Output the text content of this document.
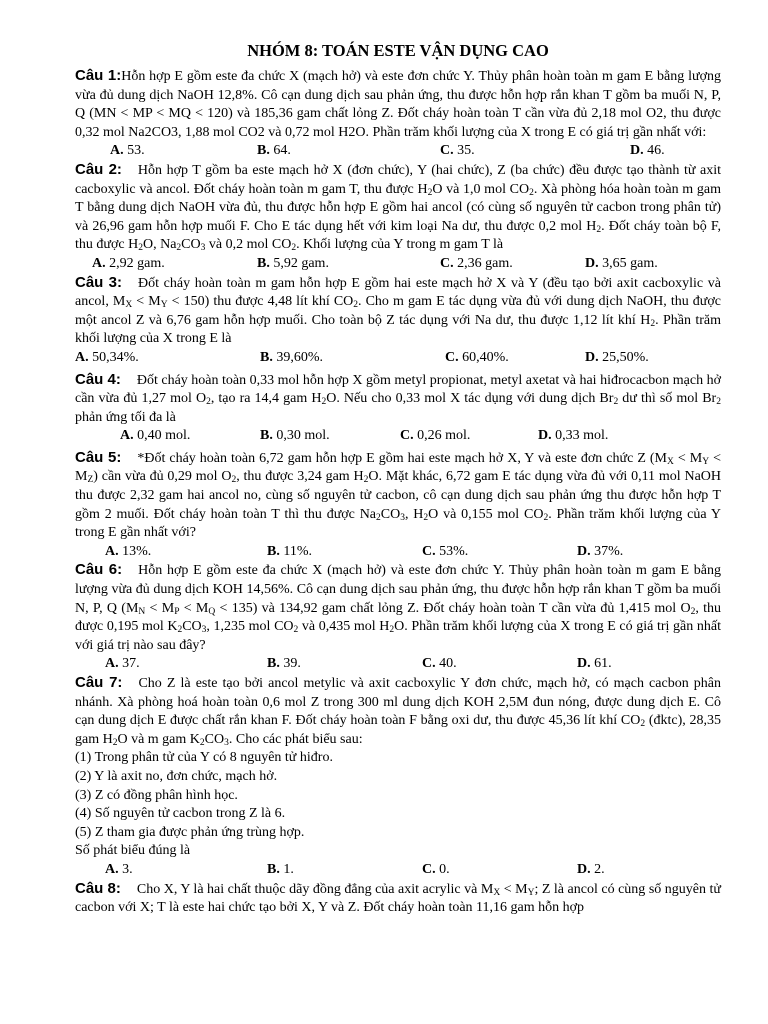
NHÓM 8: TOÁN ESTE VẬN DỤNG CAO

Câu 1:Hỗn hợp E gồm este đa chức X (mạch hở) và este đơn chức Y. Thủy phân hoàn toàn m gam E bằng lượng vừa đủ dung dịch NaOH 12,8%. Cô cạn dung dịch sau phản ứng, thu được hỗn hợp rắn khan T gồm ba muối N, P, Q (MN < MP < MQ < 120) và 185,36 gam chất lỏng Z. Đốt cháy hoàn toàn T cần vừa đủ 2,18 mol O2, thu được 0,32 mol Na2CO3, 1,88 mol CO2 và 0,72 mol H2O. Phần trăm khối lượng của X trong E có giá trị gần nhất với:

A. 53.	B. 64.	C. 35.	D. 46.

Câu 2: Hỗn hợp T gồm ba este mạch hở X (đơn chức), Y (hai chức), Z (ba chức) đều được tạo thành từ axit cacboxylic và ancol. Đốt cháy hoàn toàn m gam T, thu được $H_2O$ và 1,0 mol $CO_2$. Xà phòng hóa hoàn toàn m gam T bằng dung dịch NaOH vừa đủ, thu được hỗn hợp E gồm hai ancol (có cùng số nguyên tử cacbon trong phân tử) và 26,96 gam hỗn hợp muối F. Cho E tác dụng hết với kim loại Na dư, thu được 0,2 mol $H_2$. Đốt cháy toàn bộ F, thu được $H_2O$, $Na_2CO_3$ và 0,2 mol $CO_2$. Khối lượng của Y trong m gam T là

A. 2,92 gam.	B. 5,92 gam.	C. 2,36 gam.	D. 3,65 gam.

Câu 3: Đốt cháy hoàn toàn m gam hỗn hợp E gồm hai este mạch hở X và Y (đều tạo bởi axit cacboxylic và ancol, $M_X < M_Y < 150$) thu được 4,48 lít khí $CO_2$. Cho m gam E tác dụng vừa đủ với dung dịch NaOH, thu được một ancol Z và 6,76 gam hỗn hợp muối. Cho toàn bộ Z tác dụng với Na dư, thu được 1,12 lít khí $H_2$. Phần trăm khối lượng của X trong E là

A. 50,34%.	B. 39,60%.	C. 60,40%.	D. 25,50%.

Câu 4: Đốt cháy hoàn toàn 0,33 mol hỗn hợp X gồm metyl propionat, metyl axetat và hai hiđrocacbon mạch hở cần vừa đủ 1,27 mol $O_2$, tạo ra 14,4 gam $H_2O$. Nếu cho 0,33 mol X tác dụng với dung dịch $Br_2$ dư thì số mol $Br_2$ phản ứng tối đa là

A. 0,40 mol.	B. 0,30 mol.	C. 0,26 mol.	D. 0,33 mol.

Câu 5: *Đốt cháy hoàn toàn 6,72 gam hỗn hợp E gồm hai este mạch hở X, Y và este đơn chức Z $(M_X < M_Y < M_Z)$ cần vừa đủ 0,29 mol $O_2$, thu được 3,24 gam $H_2O$. Mặt khác, 6,72 gam E tác dụng vừa đủ với 0,11 mol NaOH thu được 2,32 gam hai ancol no, cùng số nguyên tử cacbon, cô cạn dung dịch sau phản ứng thu được hỗn hợp T gồm 2 muối. Đốt cháy hoàn toàn T thì thu được $Na_2CO_3$, $H_2O$ và 0,155 mol $CO_2$. Phần trăm khối lượng của Y trong E gần nhất với?

A. 13%.	B. 11%.	C. 53%.	D. 37%.

Câu 6: Hỗn hợp E gồm este đa chức X (mạch hở) và este đơn chức Y. Thủy phân hoàn toàn m gam E bằng lượng vừa đủ dung dịch KOH 14,56%. Cô cạn dung dịch sau phản ứng, thu được hỗn hợp rắn khan T gồm ba muối N, P, Q $(M_N < M_P < M_Q < 135)$ và 134,92 gam chất lỏng Z. Đốt cháy hoàn toàn T cần vừa đủ 1,415 mol $O_2$, thu được 0,195 mol $K_2CO_3$, 1,235 mol $CO_2$ và 0,435 mol $H_2O$. Phần trăm khối lượng của X trong E có giá trị gần nhất với giá trị nào sau đây?

A. 37.	B. 39.	C. 40.	D. 61.

Câu 7: Cho Z là este tạo bởi ancol metylic và axit cacboxylic Y đơn chức, mạch hở, có mạch cacbon phân nhánh. Xà phòng hoá hoàn toàn 0,6 mol Z trong 300 ml dung dịch KOH 2,5M đun nóng, được dung dịch E. Cô cạn dung dịch E được chất rắn khan F. Đốt cháy hoàn toàn F bằng oxi dư, thu được 45,36 lít khí $CO_2$ (đktc), 28,35 gam $H_2O$ và m gam $K_2CO_3$. Cho các phát biểu sau:

(1) Trong phân tử của Y có 8 nguyên tử hiđro.

(2) Y là axit no, đơn chức, mạch hở.

(3) Z có đồng phân hình học.

(4) Số nguyên tử cacbon trong Z là 6.

(5) Z tham gia được phản ứng trùng hợp.

Số phát biểu đúng là

A. 3.	B. 1.	C. 0.	D. 2.

Câu 8: Cho X, Y là hai chất thuộc dãy đồng đẳng của axit acrylic và $M_X < M_Y$; Z là ancol có cùng số nguyên tử cacbon với X; T là este hai chức tạo bởi X, Y và Z. Đốt cháy hoàn toàn 11,16 gam hỗn hợp
